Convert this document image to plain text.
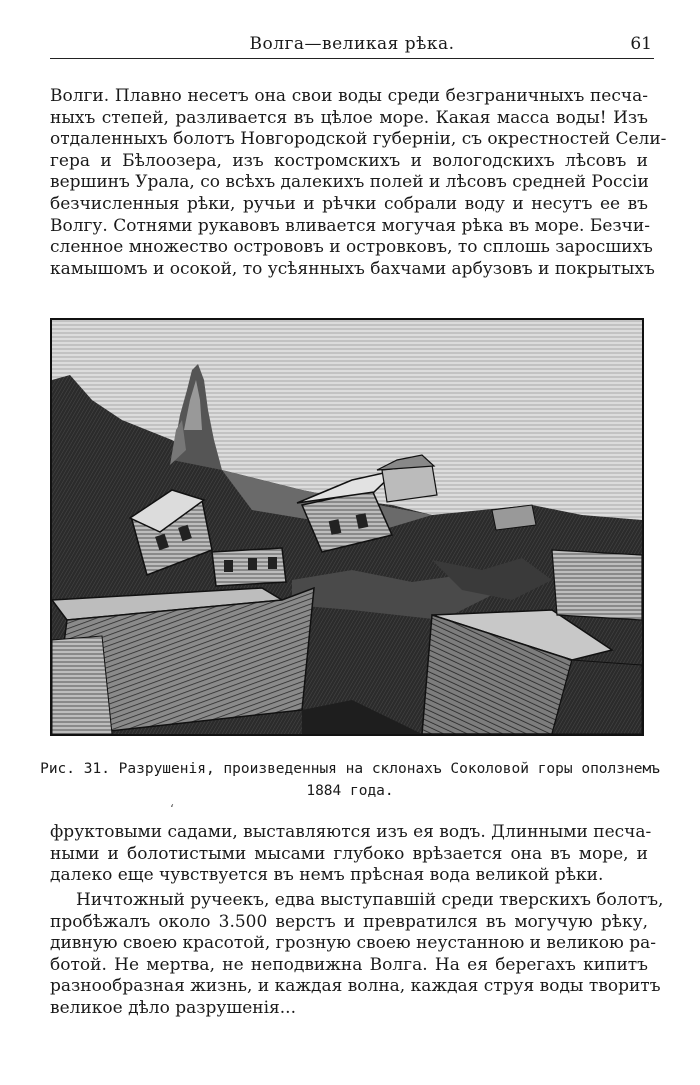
Волга—великая рѣка.	61

Волги. Плавно несетъ она свои воды среди безграничныхъ песча-
ныхъ степей, разливается въ цѣлое море. Какая масса воды! Изъ
отдаленныхъ болотъ Новгородской губерніи, съ окрестностей Сели-
гера и Бѣлоозера, изъ костромскихъ и вологодскихъ лѣсовъ и
вершинъ Урала, со всѣхъ далекихъ полей и лѣсовъ средней Россіи
безчисленныя рѣки, ручьи и рѣчки собрали воду и несутъ ее въ
Волгу. Сотнями рукавовъ вливается могучая рѣка въ море. Безчи-
сленное множество острововъ и островковъ, то сплошь заросшихъ
камышомъ и осокой, то усѣянныхъ бахчами арбузовъ и покрытыхъ

Рис. 31. Разрушенія, произведенныя на склонахъ Соколовой горы оползнемъ
1884 года.
‘

фруктовыми садами, выставляются изъ ея водъ. Длинными песча-
ными и болотистыми мысами глубоко врѣзается она въ море, и
далеко еще чувствуется въ немъ прѣсная вода великой рѣки.

Ничтожный ручеекъ, едва выступавшій среди тверскихъ болотъ,
пробѣжалъ около 3.500 верстъ и превратился въ могучую рѣку,
дивную своею красотой, грозную своею неустанною и великою ра-
ботой. Не мертва, не неподвижна Волга. На ея берегахъ кипитъ
разнообразная жизнь, и каждая волна, каждая струя воды творитъ
великое дѣло разрушенія...
